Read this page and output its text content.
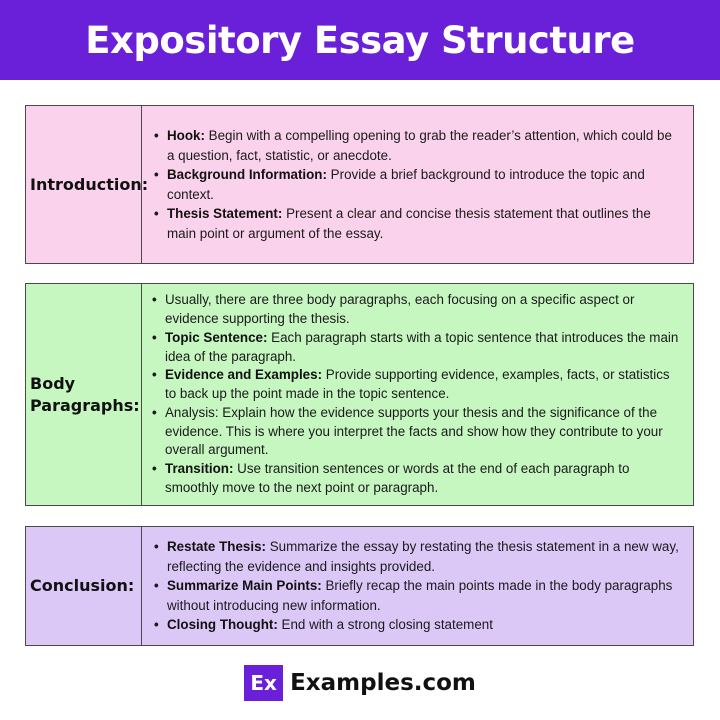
Expository Essay Structure
Introduction:
• Hook: Begin with a compelling opening to grab the reader’s attention, which could be a question, fact, statistic, or anecdote.
• Background Information: Provide a brief background to introduce the topic and context.
• Thesis Statement: Present a clear and concise thesis statement that outlines the main point or argument of the essay.
Body Paragraphs:
• Usually, there are three body paragraphs, each focusing on a specific aspect or evidence supporting the thesis.
• Topic Sentence: Each paragraph starts with a topic sentence that introduces the main idea of the paragraph.
• Evidence and Examples: Provide supporting evidence, examples, facts, or statistics to back up the point made in the topic sentence.
• Analysis: Explain how the evidence supports your thesis and the significance of the evidence. This is where you interpret the facts and show how they contribute to your overall argument.
• Transition: Use transition sentences or words at the end of each paragraph to smoothly move to the next point or paragraph.
Conclusion:
• Restate Thesis: Summarize the essay by restating the thesis statement in a new way, reflecting the evidence and insights provided.
• Summarize Main Points: Briefly recap the main points made in the body paragraphs without introducing new information.
• Closing Thought: End with a strong closing statement
Ex Examples.com
